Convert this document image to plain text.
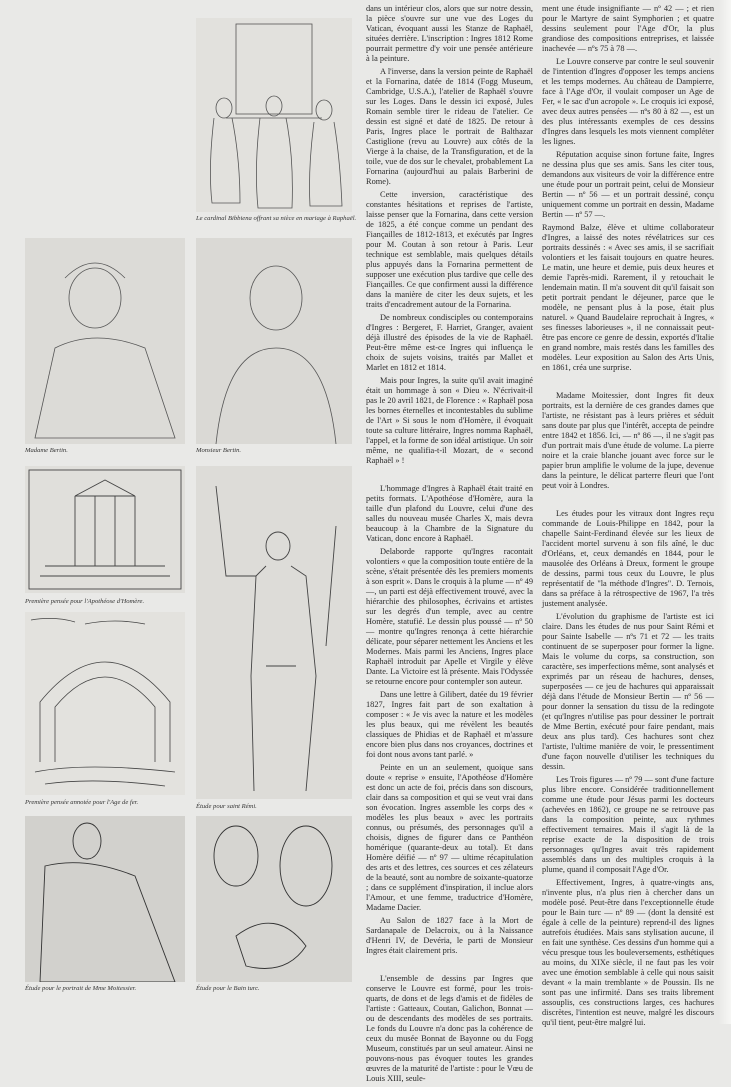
Le cardinal Bibbiena offrant sa nièce en mariage à Raphaël.
Madame Bertin.	Monsieur Bertin.
Première pensée pour l'Apothéose d'Homère.
Étude pour saint Rémi.
Première pensée annotée pour l'Age de fer.
Étude pour le portrait de Mme Moitessier.	Étude pour le Bain turc.

dans un intérieur clos, alors que sur notre dessin, la pièce s'ouvre sur une vue des Loges du Vatican, évoquant aussi les Stanze de Raphaël, situées derrière. L'inscription : Ingres 1812 Rome pourrait permettre d'y voir une pensée antérieure à la peinture.

A l'inverse, dans la version peinte de Raphaël et la Fornarina, datée de 1814 (Fogg Museum, Cambridge, U.S.A.), l'atelier de Raphaël s'ouvre sur les Loges. Dans le dessin ici exposé, Jules Romain semble tirer le rideau de l'atelier. Ce dessin est signé et daté de 1825. De retour à Paris, Ingres place le portrait de Balthazar Castiglione (revu au Louvre) aux côtés de la Vierge à la chaise, de la Transfiguration, et de la toile, vue de dos sur le chevalet, probablement La Fornarina (aujourd'hui au palais Barberini de Rome).

Cette inversion, caractéristique des constantes hésitations et reprises de l'artiste, laisse penser que la Fornarina, dans cette version de 1825, a été conçue comme un pendant des Fiançailles de 1812-1813, et exécutés par Ingres pour M. Coutan à son retour à Paris. Leur technique est semblable, mais quelques détails plus appuyés dans la Fornarina permettent de supposer une exécution plus tardive que celle des Fiançailles. Ce que confirment aussi la différence dans la manière de citer les deux sujets, et les traits d'encadrement autour de la Fornarina.

De nombreux condisciples ou contemporains d'Ingres : Bergeret, F. Harriet, Granger, avaient déjà illustré des épisodes de la vie de Raphaël. Peut-être même est-ce Ingres qui influença le choix de sujets voisins, traités par Mallet et Marlet en 1812 et 1814.

Mais pour Ingres, la suite qu'il avait imaginé était un hommage à son « Dieu ». N'écrivait-il pas le 20 avril 1821, de Florence : « Raphaël posa les bornes éternelles et incontestables du sublime de l'Art » Si sous le nom d'Homère, il évoquait toute sa culture littéraire, Ingres nomma Raphaël, l'appel, et la forme de son idéal artistique. Un soir même, ne qualifia-t-il Mozart, de « second Raphaël » !

L'hommage d'Ingres à Raphaël était traité en petits formats. L'Apothéose d'Homère, aura la taille d'un plafond du Louvre, celui d'une des salles du nouveau musée Charles X, mais devra beaucoup à la Chambre de la Signature du Vatican, donc encore à Raphaël.

Delaborde rapporte qu'Ingres racontait volontiers « que la composition toute entière de la scène, s'était présentée dès les premiers moments à son esprit ». Dans le croquis à la plume — nº 49 —, un parti est déjà effectivement trouvé, avec la hiérarchie des philosophes, écrivains et artistes sur les degrés d'un temple, avec au centre Homère, statufié. Le dessin plus poussé — nº 50 — montre qu'Ingres renonça à cette hiérarchie délicate, pour séparer nettement les Anciens et les Modernes. Mais parmi les Anciens, Ingres place Raphaël introduit par Apelle et Virgile y élève Dante. La Victoire est là présente. Mais l'Odyssée se retourne encore pour contempler son auteur.

Dans une lettre à Gilibert, datée du 19 février 1827, Ingres fait part de son exaltation à composer : « Je vis avec la nature et les modèles les plus beaux, qui me révèlent les beautés classiques de Phidias et de Raphaël et m'assure encore bien plus dans nos croyances, doctrines et foi dont nous avons tant parlé. »

Peinte en un an seulement, quoique sans doute « reprise » ensuite, l'Apothéose d'Homère est donc un acte de foi, précis dans son discours, clair dans sa composition et qui se veut vrai dans son évocation. Ingres assemble les corps des « modèles les plus beaux » avec les portraits connus, ou présumés, des personnages qu'il a choisis, dignes de figurer dans ce Panthéon homérique (quarante-deux au total). Et dans Homère déifié — nº 97 — ultime récapitulation des arts et des lettres, ces sources et ces zélateurs de la beauté, sont au nombre de soixante-quatorze ; dans ce supplément d'inspiration, il inclue alors l'Amour, et une femme, traductrice d'Homère, Madame Dacier.

Au Salon de 1827 face à la Mort de Sardanapale de Delacroix, ou à la Naissance d'Henri IV, de Devéria, le parti de Monsieur Ingres était clairement pris.

L'ensemble de dessins par Ingres que conserve le Louvre est formé, pour les trois-quarts, de dons et de legs d'amis et de fidèles de l'artiste : Gatteaux, Coutan, Galichon, Bonnat — ou de descendants des modèles de ses portraits. Le fonds du Louvre n'a donc pas la cohérence de ceux du musée Bonnat de Bayonne ou du Fogg Museum, constitués par un seul amateur. Ainsi ne pouvons-nous pas évoquer toutes les grandes œuvres de la maturité de l'artiste : pour le Vœu de Louis XIII, seule-

ment une étude insignifiante — nº 42 — ; et rien pour le Martyre de saint Symphorien ; et quatre dessins seulement pour l'Age d'Or, la plus grandiose des compositions entreprises, et laissée inachevée — nºs 75 à 78 —.

Le Louvre conserve par contre le seul souvenir de l'intention d'Ingres d'opposer les temps anciens et les temps modernes. Au château de Dampierre, face à l'Age d'Or, il voulait composer un Age de Fer, « le sac d'un acropole ». Le croquis ici exposé, avec deux autres pensées — nºs 80 à 82 —, est un des plus intéressants exemples de ces dessins d'Ingres dans lesquels les mots viennent compléter les lignes.

Réputation acquise sinon fortune faite, Ingres ne dessina plus que ses amis. Sans les citer tous, demandons aux visiteurs de voir la différence entre une étude pour un portrait peint, celui de Monsieur Bertin — nº 56 — et un portrait dessiné, conçu uniquement comme un portrait en dessin, Madame Bertin — nº 57 —.

Raymond Balze, élève et ultime collaborateur d'Ingres, a laissé des notes révélatrices sur ces portraits dessinés : « Avec ses amis, il se sacrifiait volontiers et les faisait toujours en quatre heures. Le matin, une heure et demie, puis deux heures et demie l'après-midi. Rarement, il y retouchait le lendemain matin. Il m'a souvent dit qu'il faisait son petit portrait pendant le déjeuner, parce que le modèle, ne pensant plus à la pose, était plus naturel. » Quand Baudelaire reprochait à Ingres, « ses finesses laborieuses », il ne connaissait peut-être pas encore ce genre de dessin, exportés d'Italie en grand nombre, mais restés dans les familles des modèles. Leur exposition au Salon des Arts Unis, en 1861, créa une surprise.

Madame Moitessier, dont Ingres fit deux portraits, est la dernière de ces grandes dames que l'artiste, ne résistant pas à leurs prières et séduit sans doute par plus que l'intérêt, accepta de peindre entre 1842 et 1856. Ici, — nº 86 —, il ne s'agit pas d'un portrait mais d'une étude de volume. La pierre noire et la craie blanche jouant avec force sur le papier brun amplifie le volume de la jupe, devenue dans la peinture, le délicat parterre fleuri que l'ont peut voir à Londres.

Les études pour les vitraux dont Ingres reçu commande de Louis-Philippe en 1842, pour la chapelle Saint-Ferdinand élevée sur les lieux de l'accident mortel survenu à son fils aîné, le duc d'Orléans, et, ceux demandés en 1844, pour le mausolée des Orléans à Dreux, forment le groupe de dessins, parmi tous ceux du Louvre, le plus représentatif de "la méthode d'Ingres". D. Ternois, dans sa préface à la rétrospective de 1967, l'a très justement analysée.

L'évolution du graphisme de l'artiste est ici claire. Dans les études de nus pour Saint Rémi et pour Sainte Isabelle — nºs 71 et 72 — les traits continuent de se superposer pour former la ligne. Mais le volume du corps, sa construction, son caractère, ses imperfections même, sont analysés et exprimés par un réseau de hachures, denses, superposées — ce jeu de hachures qui apparaissait déjà dans l'étude de Monsieur Bertin — nº 56 — pour donner la sensation du tissu de la redingote (et qu'Ingres n'utilise pas pour dessiner le portrait de Mme Bertin, exécuté pour faire pendant, mais deux ans plus tard). Ces hachures sont chez l'artiste, l'ultime manière de voir, le pressentiment d'une façon nouvelle d'utiliser les techniques du dessin.

Les Trois figures — nº 79 — sont d'une facture plus libre encore. Considérée traditionnellement comme une étude pour Jésus parmi les docteurs (achevées en 1862), ce groupe ne se retrouve pas dans la composition peinte, aux rythmes effectivement ternaires. Mais il s'agit là de la reprise exacte de la disposition de trois personnages qu'Ingres avait très rapidement assemblés dans un des multiples croquis à la plume, quand il composait l'Age d'Or.

Effectivement, Ingres, à quatre-vingts ans, n'invente plus, n'a plus rien à chercher dans un modèle posé. Peut-être dans l'exceptionnelle étude pour le Bain turc — nº 89 — (dont la densité est égale à celle de la peinture) reprend-il des lignes autrefois étudiées. Mais sans stylisation aucune, il en fait une synthèse. Ces dessins d'un homme qui a vécu presque tous les bouleversements, esthétiques au moins, du XIXe siècle, il ne faut pas les voir avec une émotion semblable à celle qui nous saisit devant « la main tremblante » de Poussin. Ils ne sont pas une infirmité. Dans ses traits librement assouplis, ces constructions larges, ces hachures discrètes, l'intention est neuve, malgré les discours qu'il tient, peut-être malgré lui.
